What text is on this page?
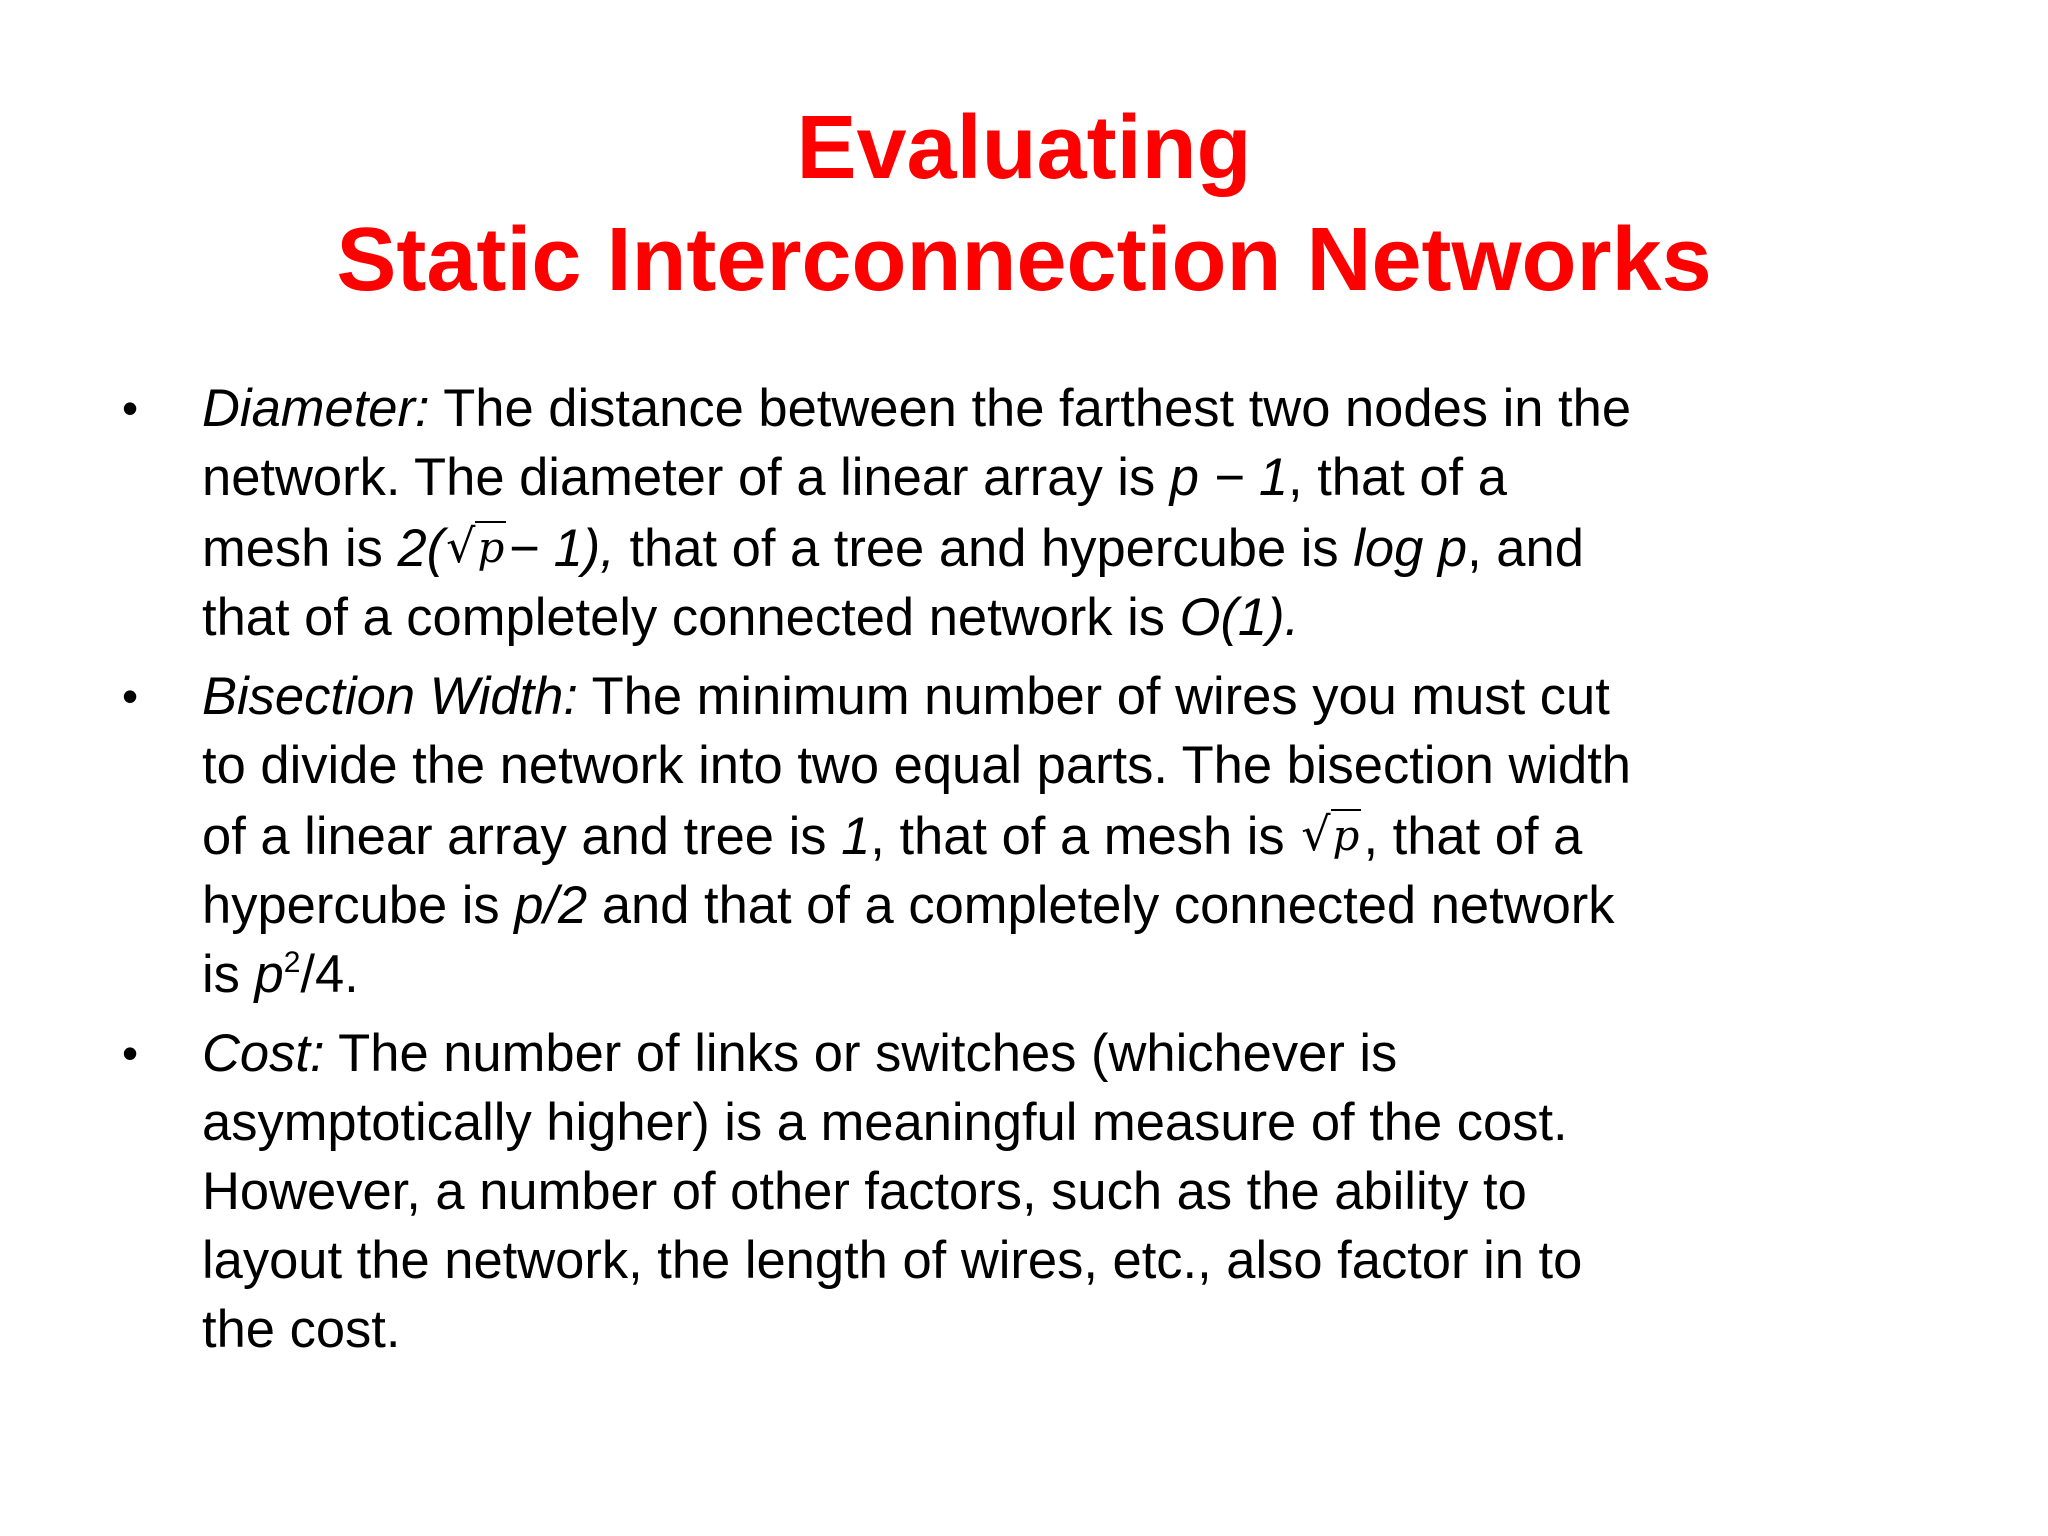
Evaluating
Static Interconnection Networks
• Diameter: The distance between the farthest two nodes in the
network. The diameter of a linear array is p − 1, that of a
mesh is 2(√p− 1), that of a tree and hypercube is log p, and
that of a completely connected network is O(1).
• Bisection Width: The minimum number of wires you must cut
to divide the network into two equal parts. The bisection width
of a linear array and tree is 1, that of a mesh is √p, that of a
hypercube is p/2 and that of a completely connected network
is $p^2/4$.
• Cost: The number of links or switches (whichever is
asymptotically higher) is a meaningful measure of the cost.
However, a number of other factors, such as the ability to
layout the network, the length of wires, etc., also factor in to
the cost.
